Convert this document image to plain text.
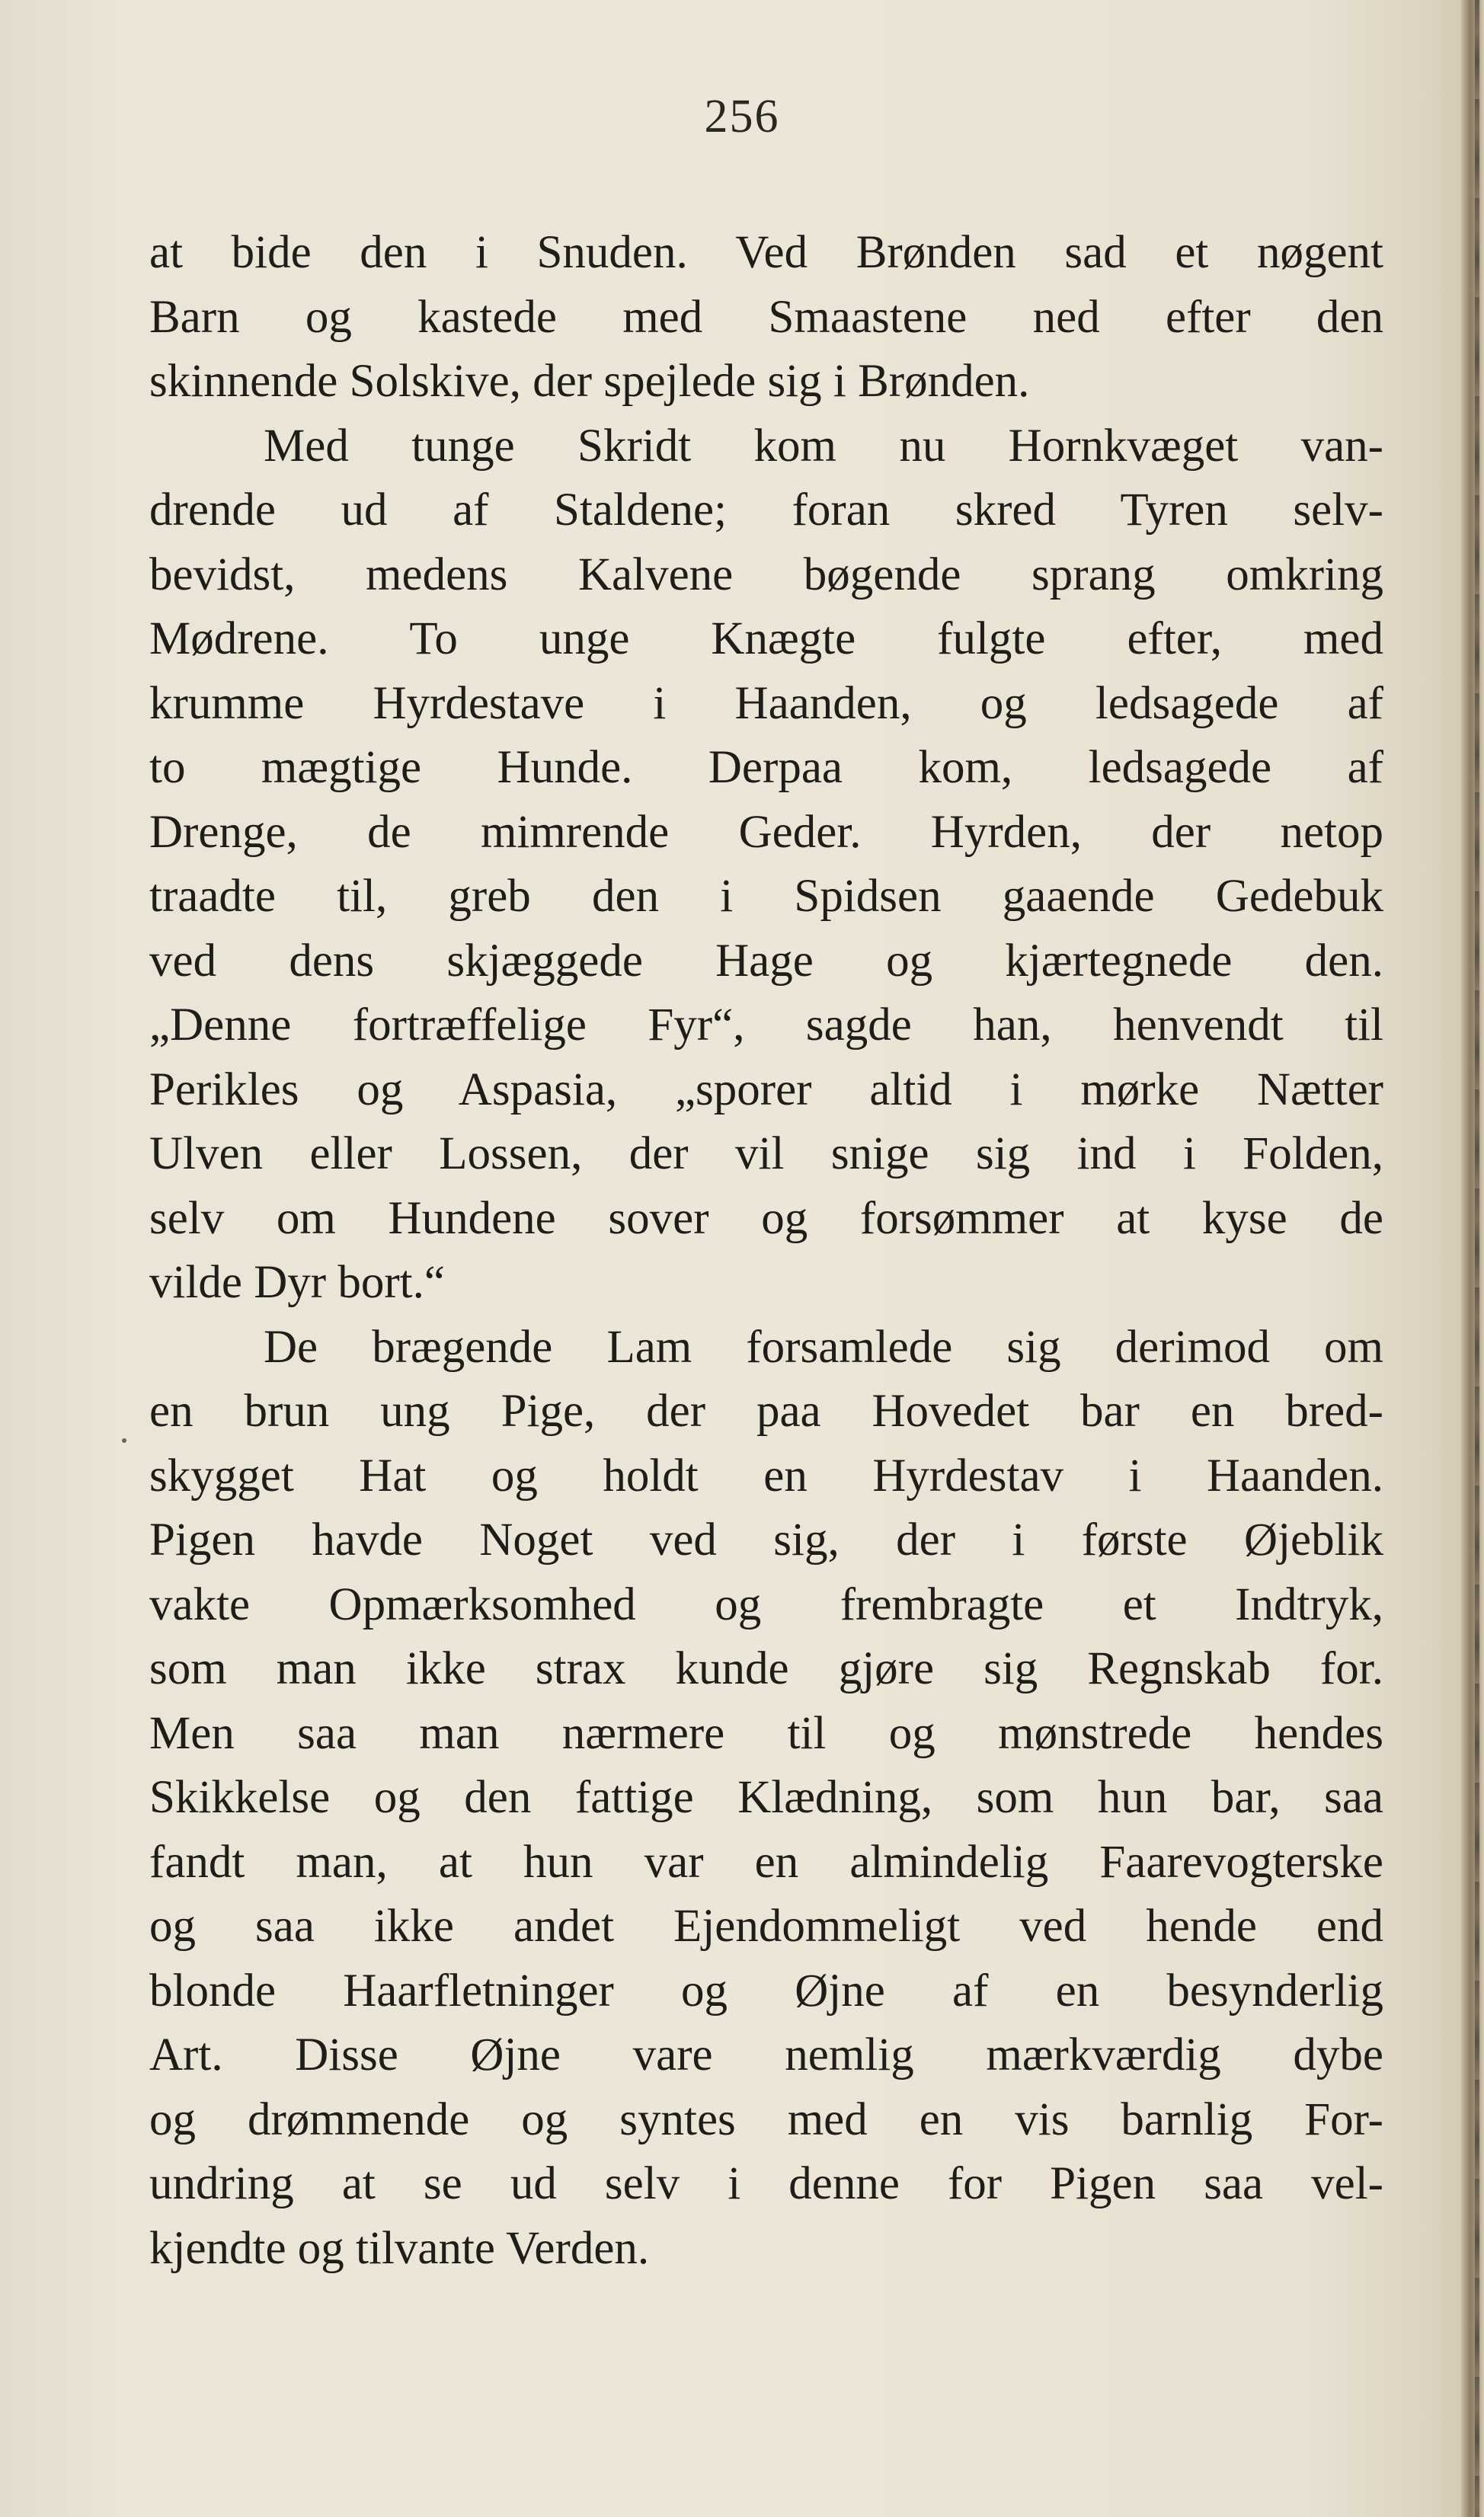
256
at bide den i Snuden. Ved Brønden sad et nøgent
Barn og kastede med Smaastene ned efter den
skinnende Solskive, der spejlede sig i Brønden.
Med tunge Skridt kom nu Hornkvæget van-
drende ud af Staldene; foran skred Tyren selv-
bevidst, medens Kalvene bøgende sprang omkring
Mødrene. To unge Knægte fulgte efter, med
krumme Hyrdestave i Haanden, og ledsagede af
to mægtige Hunde. Derpaa kom, ledsagede af
Drenge, de mimrende Geder. Hyrden, der netop
traadte til, greb den i Spidsen gaaende Gedebuk
ved dens skjæggede Hage og kjærtegnede den.
„Denne fortræffelige Fyr“, sagde han, henvendt til
Perikles og Aspasia, „sporer altid i mørke Nætter
Ulven eller Lossen, der vil snige sig ind i Folden,
selv om Hundene sover og forsømmer at kyse de
vilde Dyr bort.“
De brægende Lam forsamlede sig derimod om
en brun ung Pige, der paa Hovedet bar en bred-
skygget Hat og holdt en Hyrdestav i Haanden.
Pigen havde Noget ved sig, der i første Øjeblik
vakte Opmærksomhed og frembragte et Indtryk,
som man ikke strax kunde gjøre sig Regnskab for.
Men saa man nærmere til og mønstrede hendes
Skikkelse og den fattige Klædning, som hun bar, saa
fandt man, at hun var en almindelig Faarevogterske
og saa ikke andet Ejendommeligt ved hende end
blonde Haarfletninger og Øjne af en besynderlig
Art. Disse Øjne vare nemlig mærkværdig dybe
og drømmende og syntes med en vis barnlig For-
undring at se ud selv i denne for Pigen saa vel-
kjendte og tilvante Verden.
